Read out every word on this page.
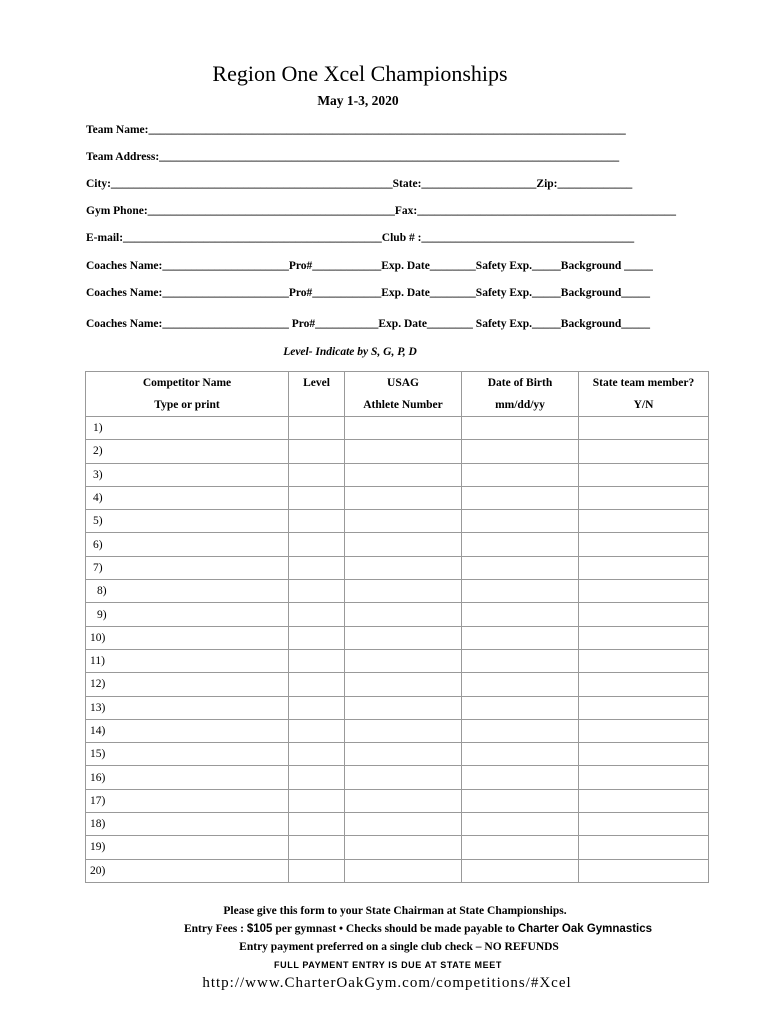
Region One Xcel Championships
May 1-3, 2020
Team Name:___________________________________________________________________________________
Team Address:________________________________________________________________________________
City:_________________________________________________State:____________________Zip:_____________
Gym Phone:___________________________________________Fax:_____________________________________________
E-mail:_____________________________________________Club # :_____________________________________
Coaches Name:______________________Pro#____________Exp. Date________Safety Exp._____Background _____
Coaches Name:______________________Pro#____________Exp. Date________Safety Exp._____Background_____
Coaches Name:______________________ Pro#___________Exp. Date________ Safety Exp._____Background_____
Level- Indicate by S, G, P, D
Competitor Name	Level	USAG	Date of Birth	State team member?
Type or print		Athlete Number	mm/dd/yy	Y/N
1)				
2)				
3)				
4)				
5)				
6)				
7)				
8)				
9)				
10)				
11)				
12)				
13)				
14)				
15)				
16)				
17)				
18)				
19)				
20)				
Please give this form to your State Chairman at State Championships.
Entry Fees : $105 per gymnast • Checks should be made payable to Charter Oak Gymnastics
Entry payment preferred on a single club check – NO REFUNDS
FULL PAYMENT ENTRY IS DUE AT STATE MEET
http://www.CharterOakGym.com/competitions/#Xcel
